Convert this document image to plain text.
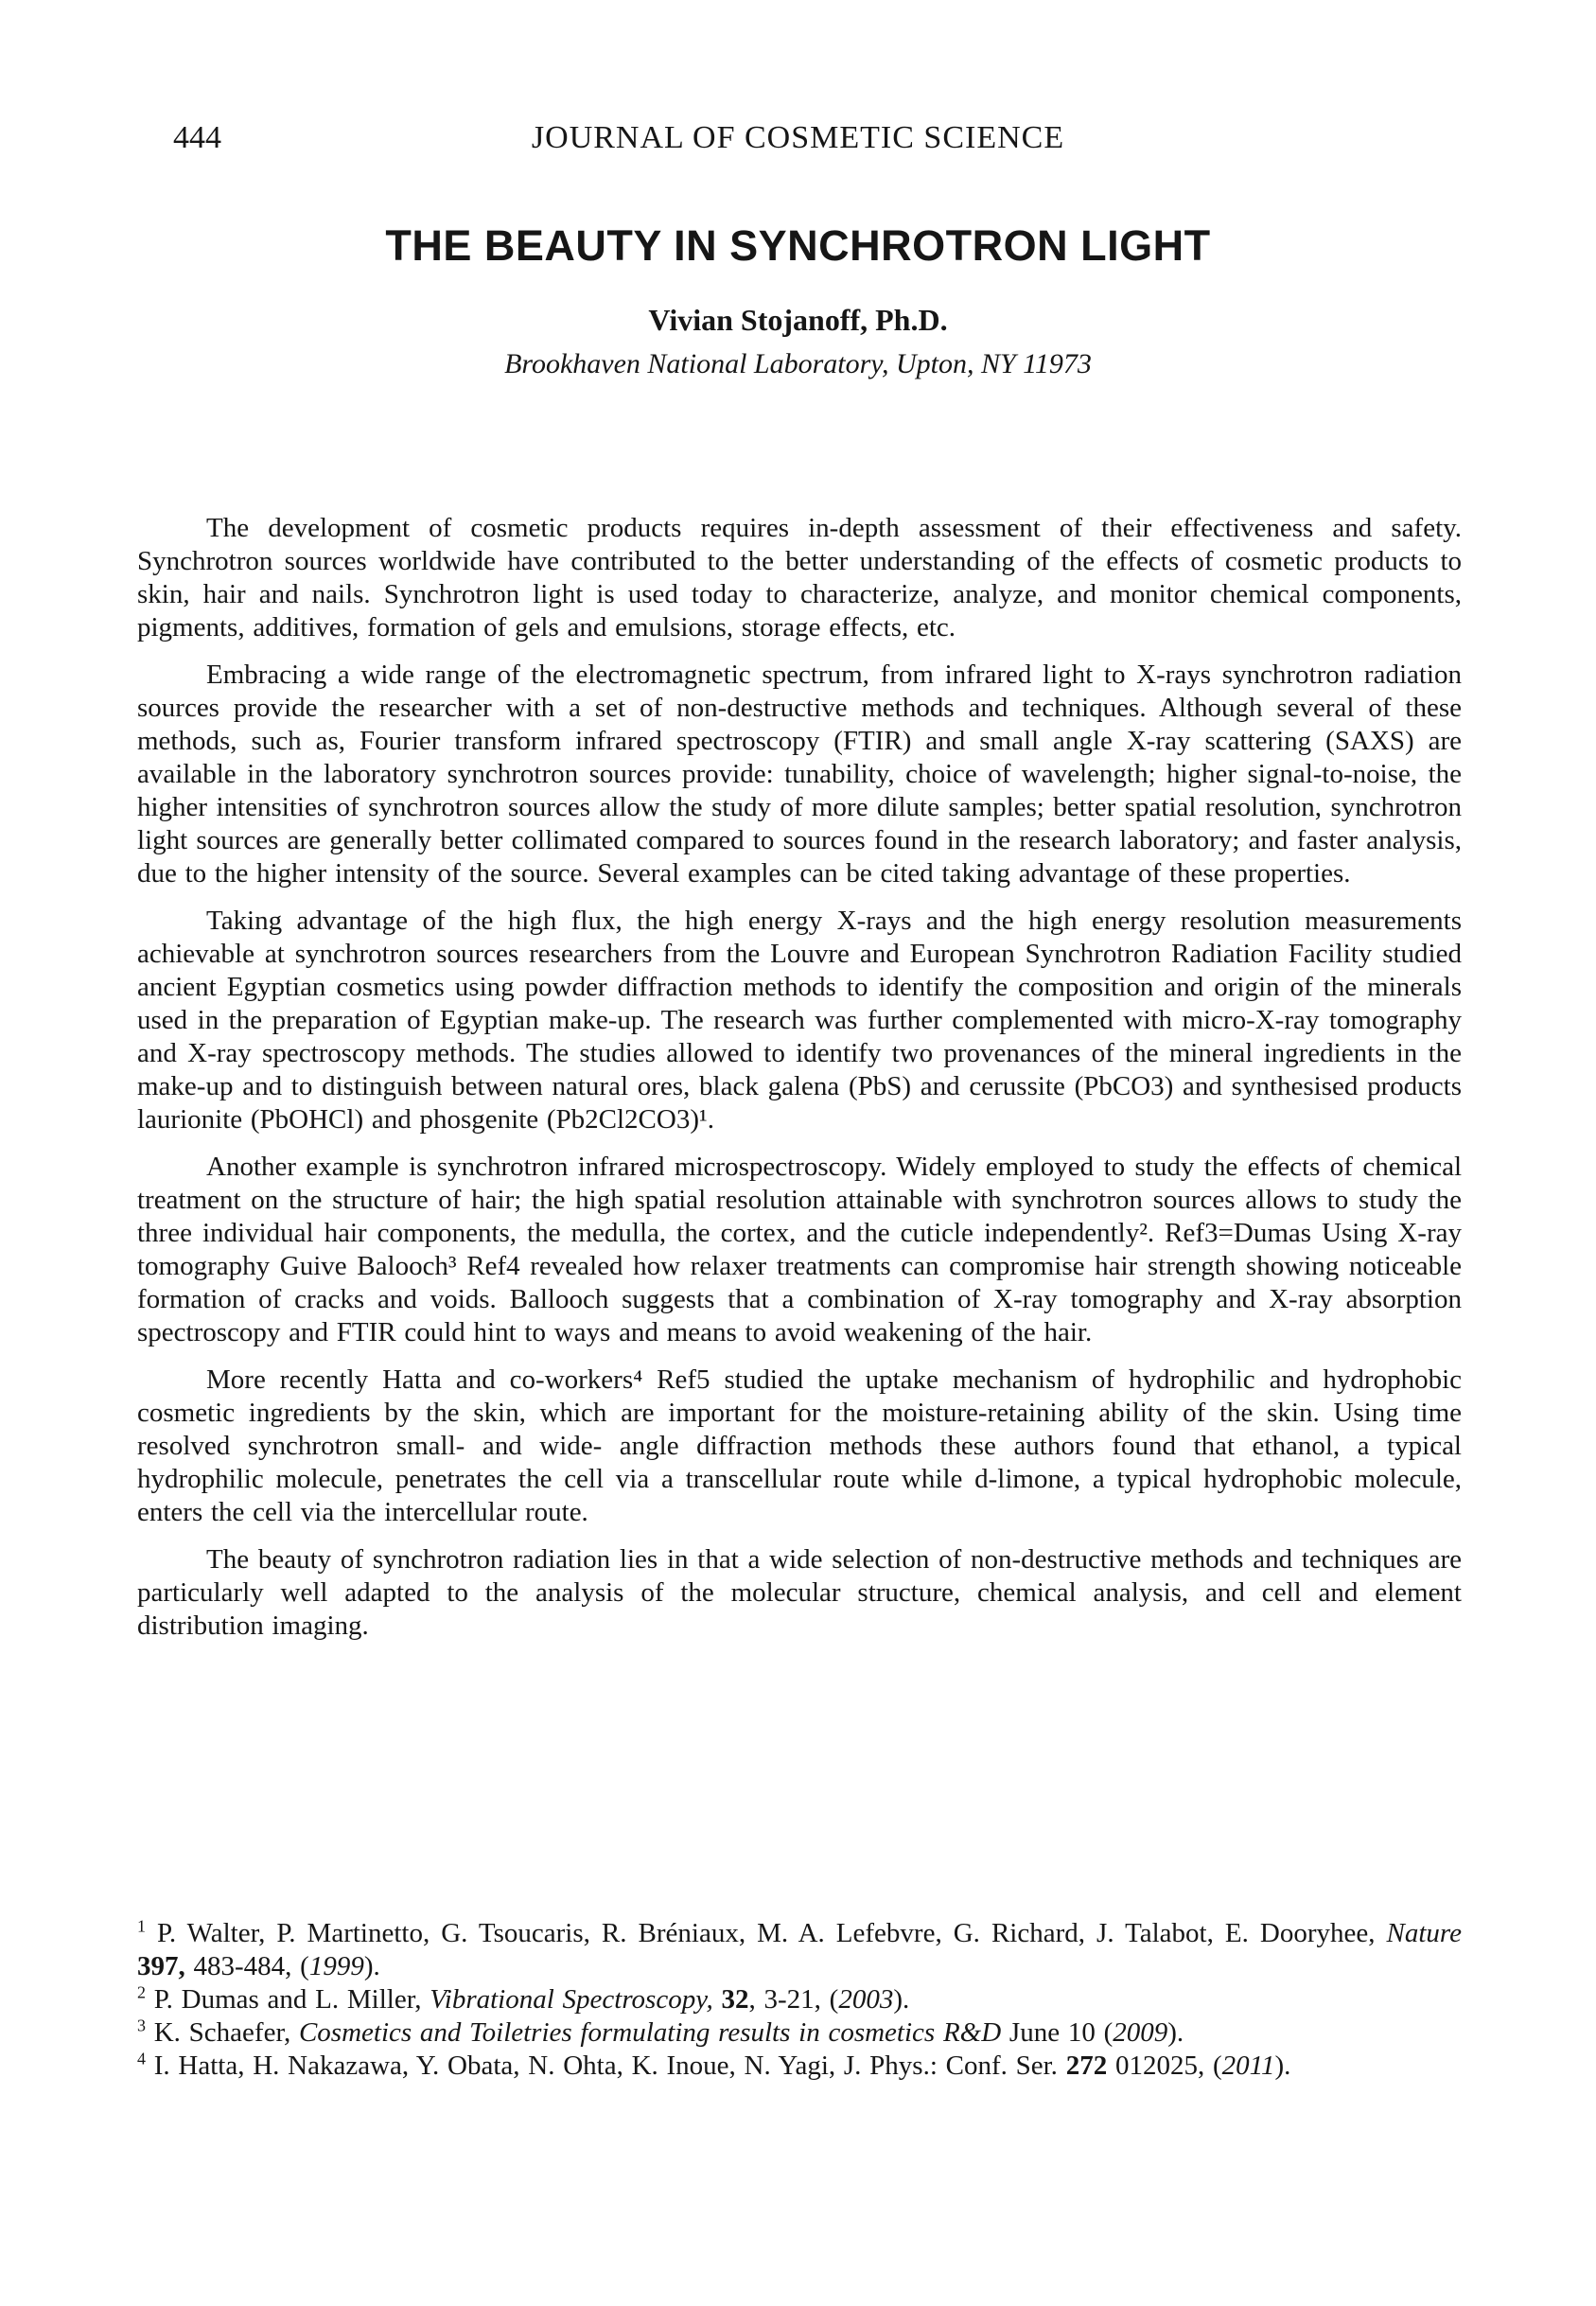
444	JOURNAL OF COSMETIC SCIENCE
THE BEAUTY IN SYNCHROTRON LIGHT
Vivian Stojanoff, Ph.D.
Brookhaven National Laboratory, Upton, NY 11973

The development of cosmetic products requires in-depth assessment of their effectiveness and safety. Synchrotron sources worldwide have contributed to the better understanding of the effects of cosmetic products to skin, hair and nails. Synchrotron light is used today to characterize, analyze, and monitor chemical components, pigments, additives, formation of gels and emulsions, storage effects, etc.

Embracing a wide range of the electromagnetic spectrum, from infrared light to X-rays synchrotron radiation sources provide the researcher with a set of non-destructive methods and techniques. Although several of these methods, such as, Fourier transform infrared spectroscopy (FTIR) and small angle X-ray scattering (SAXS) are available in the laboratory synchrotron sources provide: tunability, choice of wavelength; higher signal-to-noise, the higher intensities of synchrotron sources allow the study of more dilute samples; better spatial resolution, synchrotron light sources are generally better collimated compared to sources found in the research laboratory; and faster analysis, due to the higher intensity of the source. Several examples can be cited taking advantage of these properties.

Taking advantage of the high flux, the high energy X-rays and the high energy resolution measurements achievable at synchrotron sources researchers from the Louvre and European Synchrotron Radiation Facility studied ancient Egyptian cosmetics using powder diffraction methods to identify the composition and origin of the minerals used in the preparation of Egyptian make-up. The research was further complemented with micro-X-ray tomography and X-ray spectroscopy methods. The studies allowed to identify two provenances of the mineral ingredients in the make-up and to distinguish between natural ores, black galena (PbS) and cerussite (PbCO3) and synthesised products laurionite (PbOHCl) and phosgenite (Pb2Cl2CO3)¹.

Another example is synchrotron infrared microspectroscopy. Widely employed to study the effects of chemical treatment on the structure of hair; the high spatial resolution attainable with synchrotron sources allows to study the three individual hair components, the medulla, the cortex, and the cuticle independently². Ref3=Dumas Using X-ray tomography Guive Balooch³ Ref4 revealed how relaxer treatments can compromise hair strength showing noticeable formation of cracks and voids. Ballooch suggests that a combination of X-ray tomography and X-ray absorption spectroscopy and FTIR could hint to ways and means to avoid weakening of the hair.

More recently Hatta and co-workers⁴ Ref5 studied the uptake mechanism of hydrophilic and hydrophobic cosmetic ingredients by the skin, which are important for the moisture-retaining ability of the skin. Using time resolved synchrotron small- and wide- angle diffraction methods these authors found that ethanol, a typical hydrophilic molecule, penetrates the cell via a transcellular route while d-limone, a typical hydrophobic molecule, enters the cell via the intercellular route.

The beauty of synchrotron radiation lies in that a wide selection of non-destructive methods and techniques are particularly well adapted to the analysis of the molecular structure, chemical analysis, and cell and element distribution imaging.

$^1$ P. Walter, P. Martinetto, G. Tsoucaris, R. Bréniaux, M. A. Lefebvre, G. Richard, J. Talabot, E. Dooryhee, Nature 397, 483-484, (1999).
$^2$ P. Dumas and L. Miller, Vibrational Spectroscopy, 32, 3-21, (2003).
$^3$ K. Schaefer, Cosmetics and Toiletries formulating results in cosmetics R&D June 10 (2009).
$^4$ I. Hatta, H. Nakazawa, Y. Obata, N. Ohta, K. Inoue, N. Yagi, J. Phys.: Conf. Ser. 272 012025, (2011).
